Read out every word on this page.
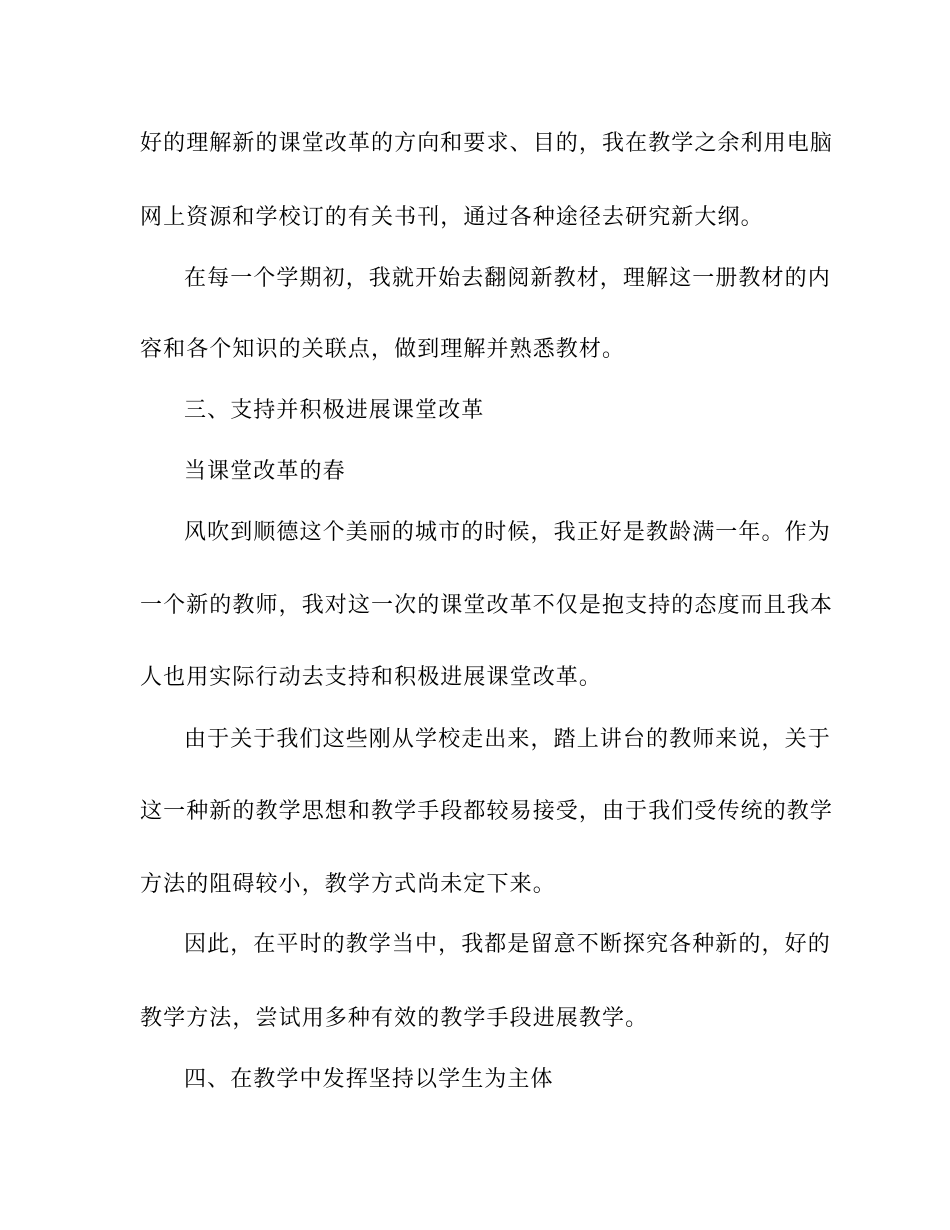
好的理解新的课堂改革的方向和要求、目的，我在教学之余利用电脑
网上资源和学校订的有关书刊，通过各种途径去研究新大纲。
在每一个学期初，我就开始去翻阅新教材，理解这一册教材的内
容和各个知识的关联点，做到理解并熟悉教材。
三、支持并积极进展课堂改革
当课堂改革的春
风吹到顺德这个美丽的城市的时候，我正好是教龄满一年。作为
一个新的教师，我对这一次的课堂改革不仅是抱支持的态度而且我本
人也用实际行动去支持和积极进展课堂改革。
由于关于我们这些刚从学校走出来，踏上讲台的教师来说，关于
这一种新的教学思想和教学手段都较易接受，由于我们受传统的教学
方法的阻碍较小，教学方式尚未定下来。
因此，在平时的教学当中，我都是留意不断探究各种新的，好的
教学方法，尝试用多种有效的教学手段进展教学。
四、在教学中发挥坚持以学生为主体
